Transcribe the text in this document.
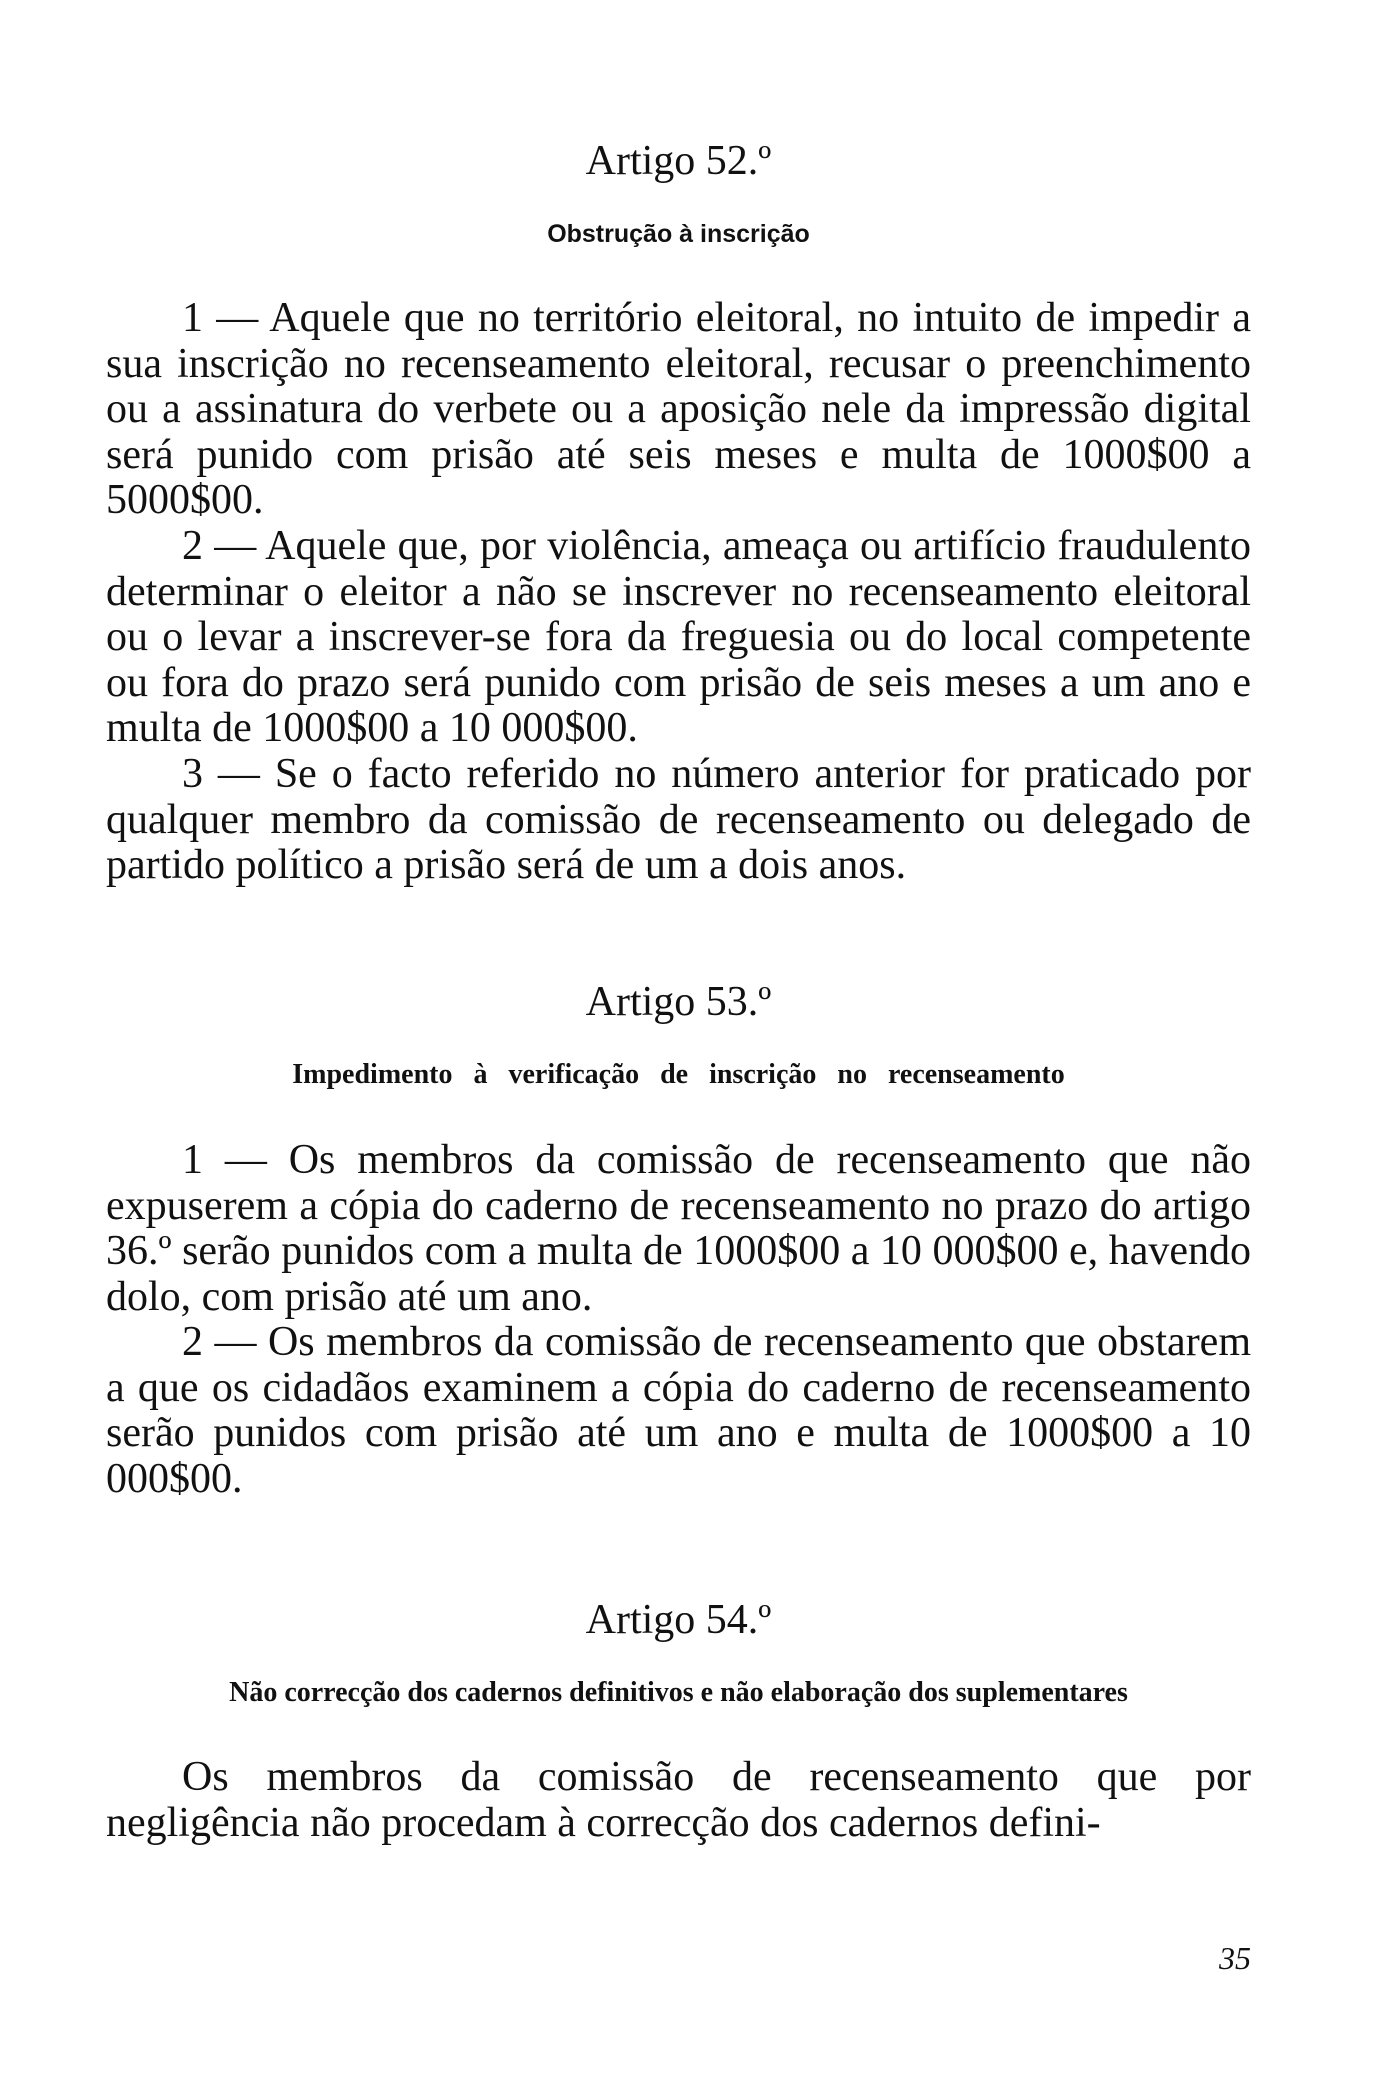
Artigo 52.º
Obstrução à inscrição

1 — Aquele que no território eleitoral, no intuito de impedir a sua inscrição no recenseamento eleitoral, recusar o preenchimento ou a assinatura do verbete ou a aposição nele da impressão digital será punido com prisão até seis meses e multa de 1000$00 a 5000$00.

2 — Aquele que, por violência, ameaça ou artifício fraudulento determinar o eleitor a não se inscrever no recenseamento eleitoral ou o levar a inscrever-se fora da freguesia ou do local competente ou fora do prazo será punido com prisão de seis meses a um ano e multa de 1000$00 a 10 000$00.

3 — Se o facto referido no número anterior for praticado por qualquer membro da comissão de recenseamento ou delegado de partido político a prisão será de um a dois anos.

Artigo 53.º
Impedimento à verificação de inscrição no recenseamento

1 — Os membros da comissão de recenseamento que não expuserem a cópia do caderno de recenseamento no prazo do artigo 36.º serão punidos com a multa de 1000$00 a 10 000$00 e, havendo dolo, com prisão até um ano.

2 — Os membros da comissão de recenseamento que obstarem a que os cidadãos examinem a cópia do caderno de recenseamento serão punidos com prisão até um ano e multa de 1000$00 a 10 000$00.

Artigo 54.º
Não correcção dos cadernos definitivos e não elaboração dos suplementares

Os membros da comissão de recenseamento que por negligência não procedam à correcção dos cadernos defini-

35
